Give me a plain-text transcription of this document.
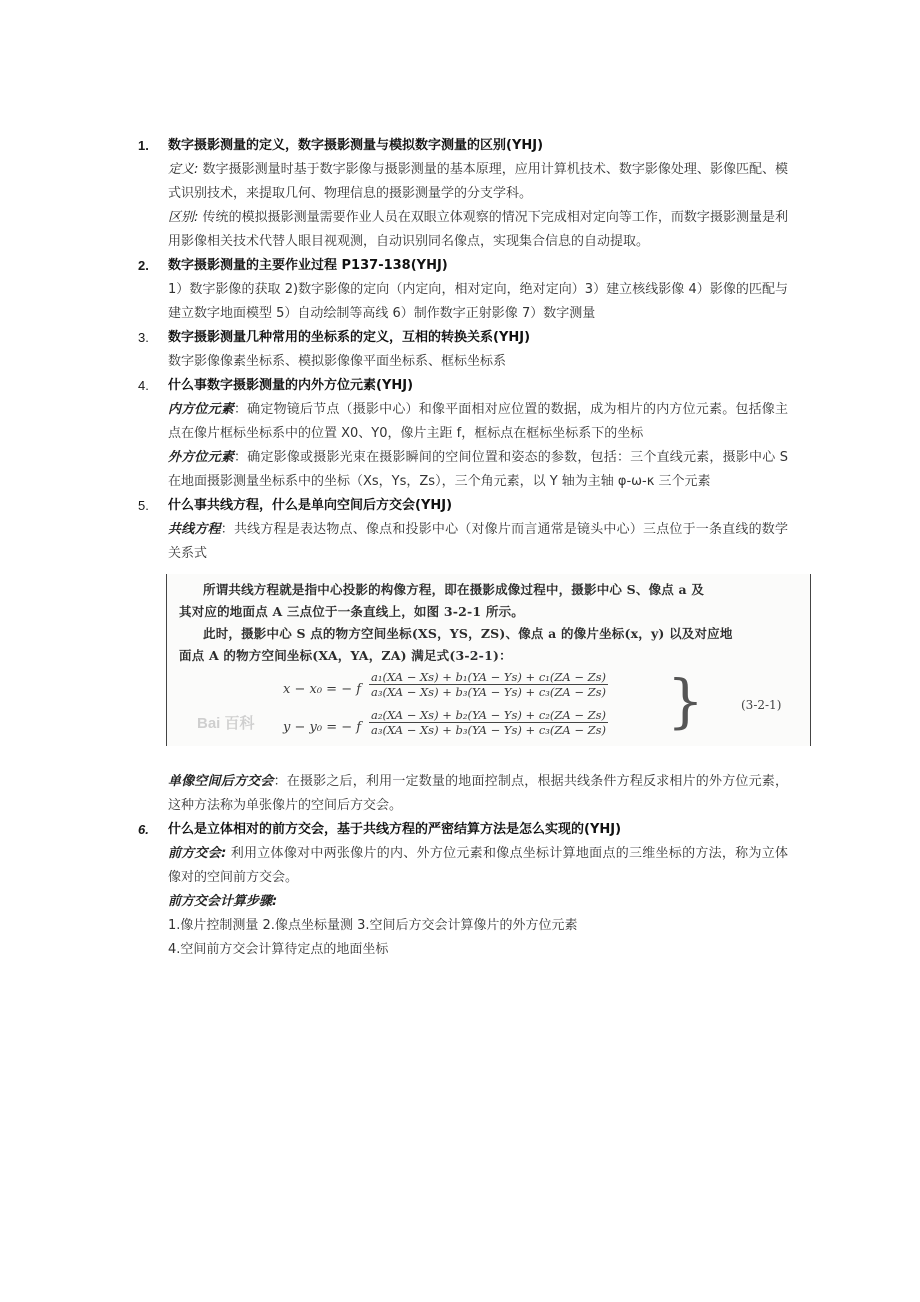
1.	数字摄影测量的定义，数字摄影测量与模拟数字测量的区别(YHJ)
定义: 数字摄影测量时基于数字影像与摄影测量的基本原理，应用计算机技术、数字影像处理、影像匹配、模式识别技术，来提取几何、物理信息的摄影测量学的分支学科。
区别: 传统的模拟摄影测量需要作业人员在双眼立体观察的情况下完成相对定向等工作，而数字摄影测量是利用影像相关技术代替人眼目视观测，自动识别同名像点，实现集合信息的自动提取。
2.	数字摄影测量的主要作业过程 P137-138(YHJ)
1）数字影像的获取 2)数字影像的定向（内定向，相对定向，绝对定向）3）建立核线影像 4）影像的匹配与建立数字地面模型 5）自动绘制等高线 6）制作数字正射影像 7）数字测量
3.	数字摄影测量几种常用的坐标系的定义，互相的转换关系(YHJ)
数字影像像素坐标系、模拟影像像平面坐标系、框标坐标系
4.	什么事数字摄影测量的内外方位元素(YHJ)
内方位元素：确定物镜后节点（摄影中心）和像平面相对应位置的数据，成为相片的内方位元素。包括像主点在像片框标坐标系中的位置 X0、Y0，像片主距 f，框标点在框标坐标系下的坐标
外方位元素：确定影像或摄影光束在摄影瞬间的空间位置和姿态的参数，包括：三个直线元素，摄影中心 S 在地面摄影测量坐标系中的坐标（Xs，Ys，Zs），三个角元素，以 Y 轴为主轴 φ-ω-κ 三个元素
5.	什么事共线方程，什么是单向空间后方交会(YHJ)
共线方程：共线方程是表达物点、像点和投影中心（对像片而言通常是镜头中心）三点位于一条直线的数学关系式
所谓共线方程就是指中心投影的构像方程，即在摄影成像过程中，摄影中心 S、像点 a 及
其对应的地面点 A 三点位于一条直线上，如图 3-2-1 所示。
此时，摄影中心 S 点的物方空间坐标(XS，YS，ZS)、像点 a 的像片坐标(x，y) 以及对应地
面点 A 的物方空间坐标(XA，YA，ZA) 满足式(3-2-1)：
x − x₀ = − f $\frac{\text{a₁(XA − Xs) + b₁(YA − Ys) + c₁(ZA − Zs)}}{\text{a₃(XA − Xs) + b₃(YA − Ys) + c₃(ZA − Zs)}}$
y − y₀ = − f $\frac{\text{a₂(XA − Xs) + b₂(YA − Ys) + c₂(ZA − Zs)}}{\text{a₃(XA − Xs) + b₃(YA − Ys) + c₃(ZA − Zs)}}$ }	(3-2-1)
Bai 百科
单像空间后方交会：在摄影之后，利用一定数量的地面控制点，根据共线条件方程反求相片的外方位元素，这种方法称为单张像片的空间后方交会。
6.	什么是立体相对的前方交会，基于共线方程的严密结算方法是怎么实现的(YHJ)
前方交会: 利用立体像对中两张像片的内、外方位元素和像点坐标计算地面点的三维坐标的方法，称为立体像对的空间前方交会。
前方交会计算步骤:
1.像片控制测量 2.像点坐标量测 3.空间后方交会计算像片的外方位元素
4.空间前方交会计算待定点的地面坐标
